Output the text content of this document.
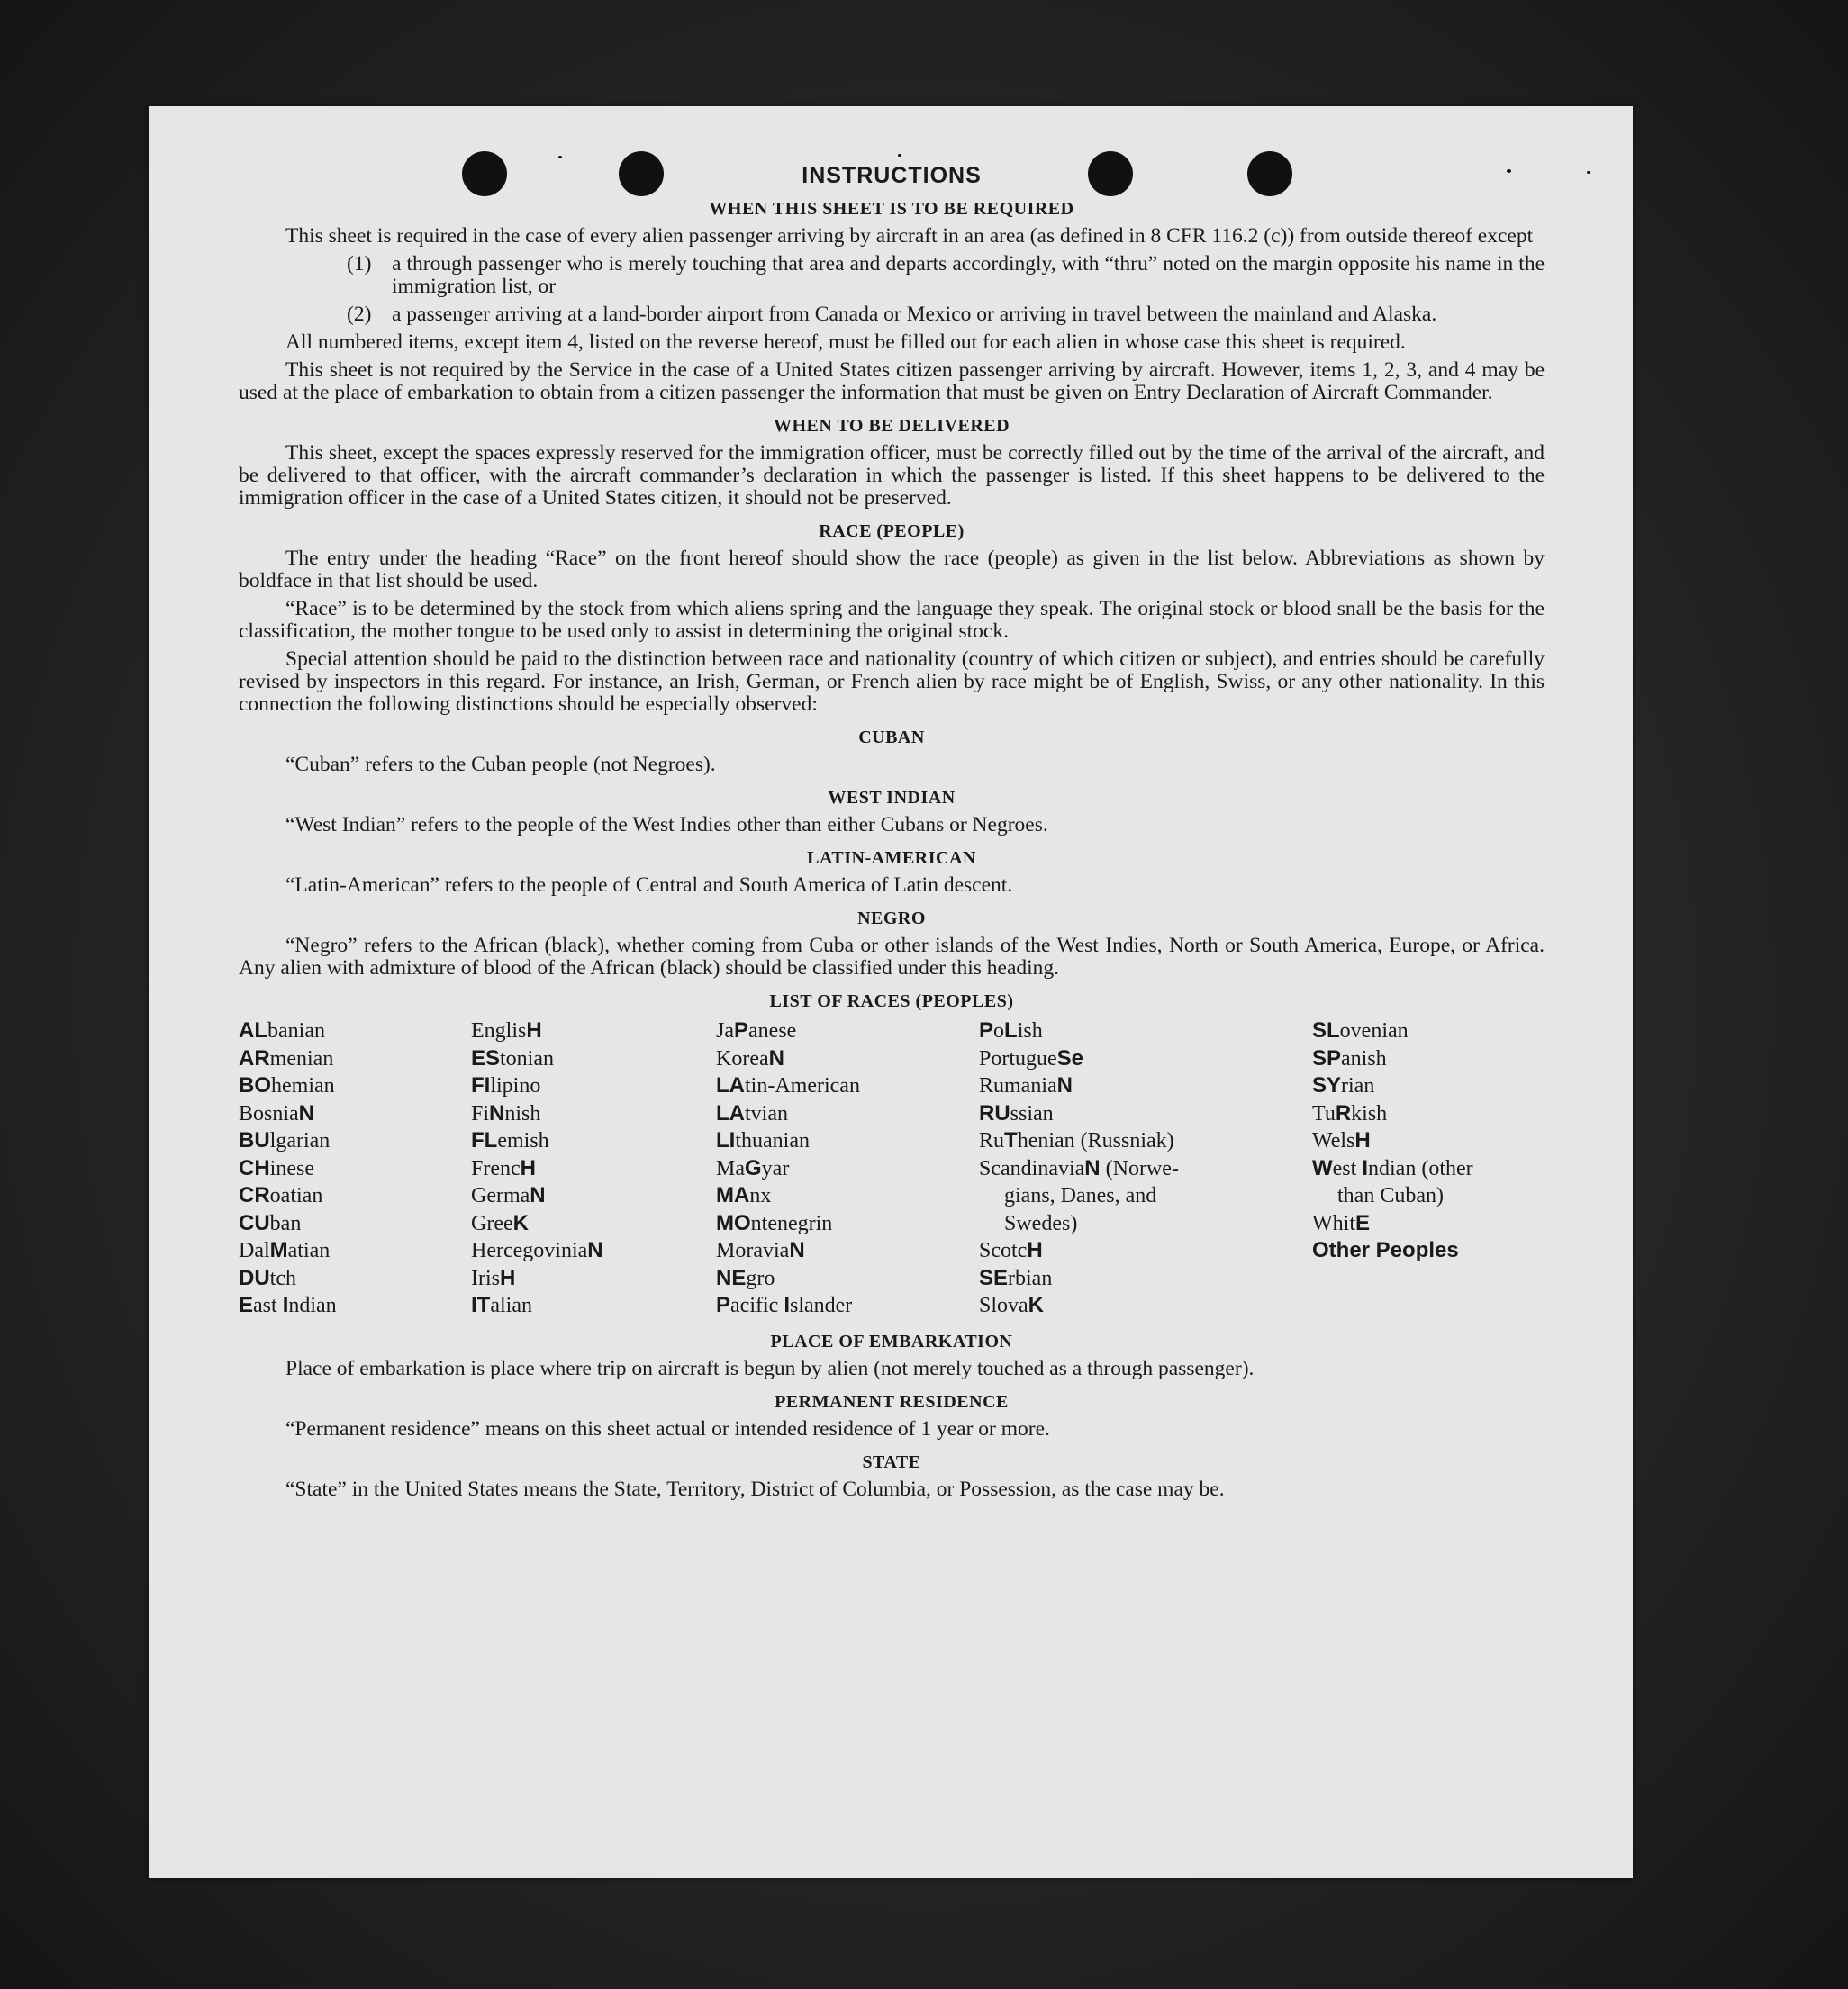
INSTRUCTIONS
WHEN THIS SHEET IS TO BE REQUIRED

This sheet is required in the case of every alien passenger arriving by aircraft in an area (as defined in 8 CFR 116.2 (c)) from outside thereof except

(1) a through passenger who is merely touching that area and departs accordingly, with “thru” noted on the margin opposite his name in the immigration list, or
(2) a passenger arriving at a land-border airport from Canada or Mexico or arriving in travel between the mainland and Alaska.

All numbered items, except item 4, listed on the reverse hereof, must be filled out for each alien in whose case this sheet is required.

This sheet is not required by the Service in the case of a United States citizen passenger arriving by aircraft. However, items 1, 2, 3, and 4 may be used at the place of embarkation to obtain from a citizen passenger the information that must be given on Entry Declaration of Aircraft Commander.

WHEN TO BE DELIVERED

This sheet, except the spaces expressly reserved for the immigration officer, must be correctly filled out by the time of the arrival of the aircraft, and be delivered to that officer, with the aircraft commander’s declaration in which the passenger is listed. If this sheet happens to be delivered to the immigration officer in the case of a United States citizen, it should not be preserved.

RACE (PEOPLE)

The entry under the heading “Race” on the front hereof should show the race (people) as given in the list below. Abbreviations as shown by boldface in that list should be used.

“Race” is to be determined by the stock from which aliens spring and the language they speak. The original stock or blood snall be the basis for the classification, the mother tongue to be used only to assist in determining the original stock.

Special attention should be paid to the distinction between race and nationality (country of which citizen or subject), and entries should be carefully revised by inspectors in this regard. For instance, an Irish, German, or French alien by race might be of English, Swiss, or any other nationality. In this connection the following distinctions should be especially observed:

CUBAN

“Cuban” refers to the Cuban people (not Negroes).

WEST INDIAN

“West Indian” refers to the people of the West Indies other than either Cubans or Negroes.

LATIN-AMERICAN

“Latin-American” refers to the people of Central and South America of Latin descent.

NEGRO

“Negro” refers to the African (black), whether coming from Cuba or other islands of the West Indies, North or South America, Europe, or Africa. Any alien with admixture of blood of the African (black) should be classified under this heading.

LIST OF RACES (PEOPLES)
ALbanian
ARmenian
BOhemian
BosniaN
BUlgarian
CHinese
CRoatian
CUban
DalMatian
DUtch
East Indian
EnglisH
EStonian
FIlipino
FiNnish
FLemish
FrencH
GermaN
GreeK
HercegoviniaN
IrisH
ITalian
JaPanese
KoreaN
LAtin-American
LAtvian
LIthuanian
MaGyar
MAnx
MOntenegrin
MoraviaN
NEgro
Pacific Islander
PoLish
PortugueSe
RumaniaN
RUssian
RuThenian (Russniak)
ScandinaviaN (Norwe-
gians, Danes, and
Swedes)
ScotcH
SErbian
SlovaK
SLovenian
SPanish
SYrian
TuRkish
WelsH
West Indian (other
than Cuban)
WhitE
Other Peoples
PLACE OF EMBARKATION

Place of embarkation is place where trip on aircraft is begun by alien (not merely touched as a through passenger).

PERMANENT RESIDENCE

“Permanent residence” means on this sheet actual or intended residence of 1 year or more.

STATE

“State” in the United States means the State, Territory, District of Columbia, or Possession, as the case may be.
